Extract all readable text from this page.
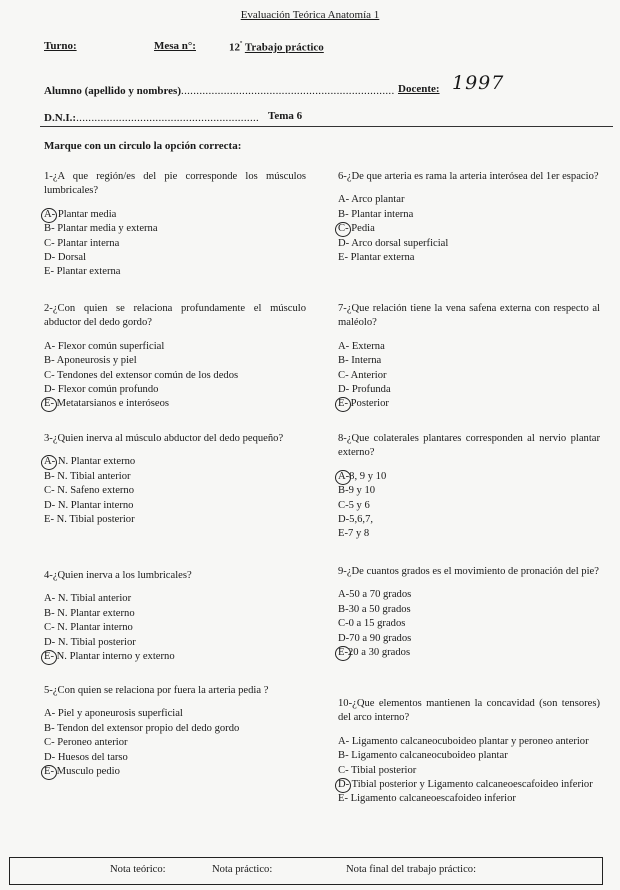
Evaluación Teórica Anatomía 1
Turno:	Mesa n°:	$12^º$ Trabajo práctico
Alumno (apellido y nombres)...................................................................... Docente: 1997
D.N.I.:............................................................ Tema 6
Marque con un circulo la opción correcta:

1-¿A que región/es del pie corresponde los músculos lumbricales?

A- Plantar media
B- Plantar media y externa
C- Plantar interna
D- Dorsal
E- Plantar externa

2-¿Con quien se relaciona profundamente el músculo abductor del dedo gordo?

A- Flexor común superficial
B- Aponeurosis y piel
C- Tendones del extensor común de los dedos
D- Flexor común profundo
E- Metatarsianos e interóseos

3-¿Quien inerva al músculo abductor del dedo pequeño?

A- N. Plantar externo
B- N. Tibial anterior
C- N. Safeno externo
D- N. Plantar interno
E- N. Tibial posterior

4-¿Quien inerva a los lumbricales?

A- N. Tibial anterior
B- N. Plantar externo
C- N. Plantar interno
D- N. Tibial posterior
E- N. Plantar interno y externo

5-¿Con quien se relaciona por fuera la arteria pedia ?

A- Piel y aponeurosis superficial
B- Tendon del extensor propio del dedo gordo
C- Peroneo anterior
D- Huesos del tarso
E- Musculo pedio

6-¿De que arteria es rama la arteria interósea del 1er espacio?

A- Arco plantar
B- Plantar interna
C- Pedia
D- Arco dorsal superficial
E- Plantar externa

7-¿Que relación tiene la vena safena externa con respecto al maléolo?

A- Externa
B- Interna
C- Anterior
D- Profunda
E- Posterior

8-¿Que colaterales plantares corresponden al nervio plantar externo?

A-8, 9 y 10
B-9 y 10
C-5 y 6
D-5,6,7,
E-7 y 8

9-¿De cuantos grados es el movimiento de pronación del pie?

A-50 a 70 grados
B-30 a 50 grados
C-0 a 15 grados
D-70 a 90 grados
E-20 a 30 grados

10-¿Que elementos mantienen la concavidad (son tensores) del arco interno?

A- Ligamento calcaneocuboideo plantar y peroneo anterior
B- Ligamento calcaneocuboideo plantar
C- Tibial posterior
D- Tibial posterior y Ligamento calcaneoescafoideo inferior
E- Ligamento calcaneoescafoideo inferior
Nota teórico:	Nota práctico:	Nota final del trabajo práctico:
